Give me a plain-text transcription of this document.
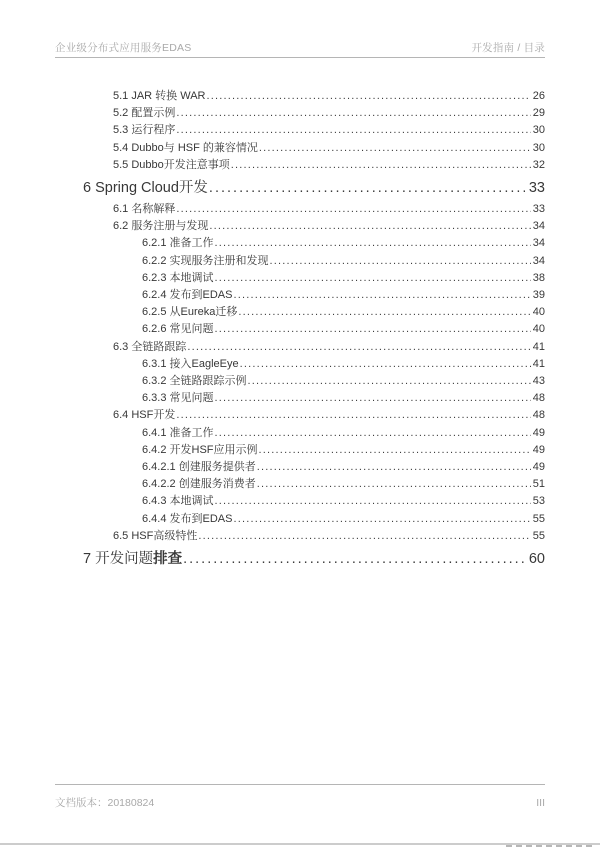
企业级分布式应用服务EDAS	开发指南 / 目录
5.1 JAR 转换 WAR .....	26
5.2 配置示例 .....	29
5.3 运行程序 .....	30
5.4 Dubbo与 HSF 的兼容情况 .....	30
5.5 Dubbo开发注意事项 .....	32
6 Spring Cloud开发 .....	33
6.1 名称解释 .....	33
6.2 服务注册与发现 .....	34
6.2.1 准备工作 .....	34
6.2.2 实现服务注册和发现 .....	34
6.2.3 本地调试 .....	38
6.2.4 发布到EDAS .....	39
6.2.5 从Eureka迁移 .....	40
6.2.6 常见问题 .....	40
6.3 全链路跟踪 .....	41
6.3.1 接入EagleEye .....	41
6.3.2 全链路跟踪示例 .....	43
6.3.3 常见问题 .....	48
6.4 HSF开发 .....	48
6.4.1 准备工作 .....	49
6.4.2 开发HSF应用示例 .....	49
6.4.2.1 创建服务提供者 .....	49
6.4.2.2 创建服务消费者 .....	51
6.4.3 本地调试 .....	53
6.4.4 发布到EDAS .....	55
6.5 HSF高级特性 .....	55
7 开发问题排查 .....	60
文档版本：20180824	III
